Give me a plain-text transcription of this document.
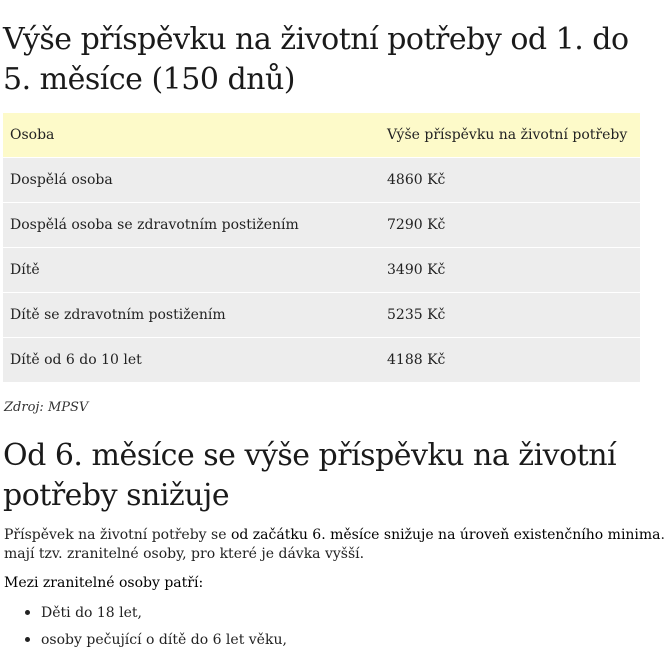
Výše příspěvku na životní potřeby od 1. do 5. měsíce (150 dnů)
Osoba	Výše příspěvku na životní potřeby
Dospělá osoba	4860 Kč
Dospělá osoba se zdravotním postižením	7290 Kč
Dítě	3490 Kč
Dítě se zdravotním postižením	5235 Kč
Dítě od 6 do 10 let	4188 Kč
Zdroj: MPSV
Od 6. měsíce se výše příspěvku na životní potřeby snižuje
Příspěvek na životní potřeby se od začátku 6. měsíce snižuje na úroveň existenčního minima.
mají tzv. zranitelné osoby, pro které je dávka vyšší.
Mezi zranitelné osoby patří:
Děti do 18 let,
osoby pečující o dítě do 6 let věku,
